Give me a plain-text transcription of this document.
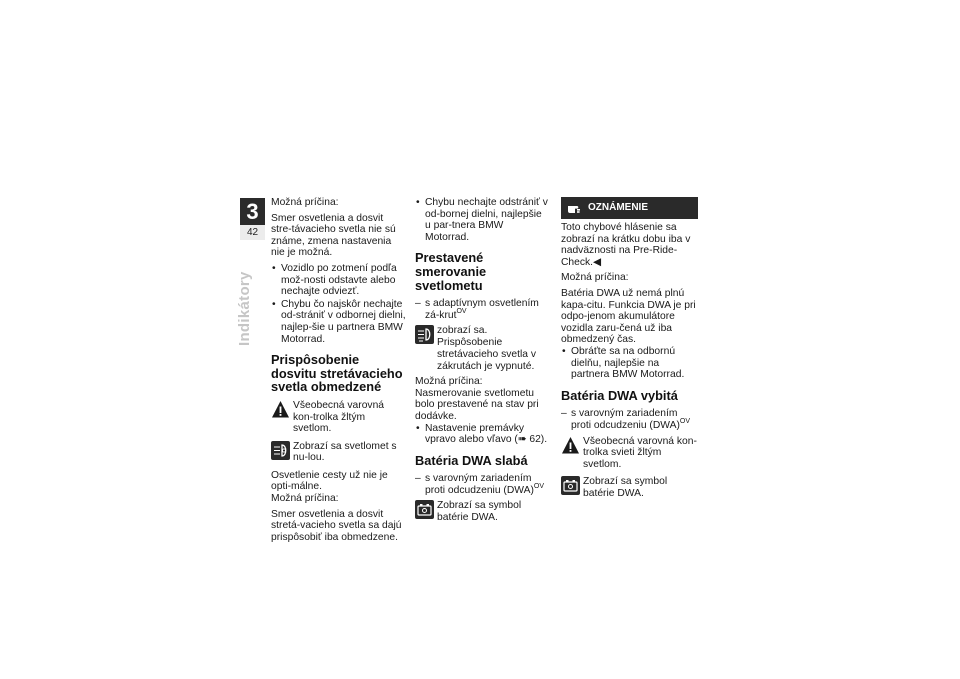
3
42
Indikátory

Možná príčina:

Smer osvetlenia a dosvit stre-távacieho svetla nie sú známe, zmena nastavenia nie je možná.

• Vozidlo po zotmení podľa mož-nosti odstavte alebo nechajte odviezť.
• Chybu čo najskôr nechajte od-strániť v odbornej dielni, najlep-šie u partnera BMW Motorrad.
Prispôsobenie dosvitu stretávacieho svetla obmedzené
Všeobecná varovná kon-trolka žltým svetlom.
Zobrazí sa svetlomet s nu-lou.

Osvetlenie cesty už nie je opti-málne.

Možná príčina:

Smer osvetlenia a dosvit stretá-vacieho svetla sa dajú prispôsobiť iba obmedzene.

• Chybu nechajte odstrániť v od-bornej dielni, najlepšie u par-tnera BMW Motorrad.
Prestavené smerovanie svetlometu
– s adaptívnym osvetlením zá-krut$^{OV}$
zobrazí sa.

Prispôsobenie stretávacieho svetla v zákrutách je vypnuté.

Možná príčina:

Nasmerovanie svetlometu bolo prestavené na stav pri dodávke.

• Nastavenie premávky vpravo alebo vľavo (➠ 62).
Batéria DWA slabá
– s varovným zariadením proti odcudzeniu (DWA)$^{OV}$
Zobrazí sa symbol batérie DWA.
OZNÁMENIE

Toto chybové hlásenie sa zobrazí na krátku dobu iba v nadväznosti na Pre-Ride-Check.◀

Možná príčina:

Batéria DWA už nemá plnú kapa-citu. Funkcia DWA je pri odpo-jenom akumulátore vozidla zaru-čená už iba obmedzený čas.

• Obráťte sa na odbornú dielňu, najlepšie na partnera BMW Motorrad.
Batéria DWA vybitá
– s varovným zariadením proti odcudzeniu (DWA)$^{OV}$
Všeobecná varovná kon-trolka svieti žltým svetlom.
Zobrazí sa symbol batérie DWA.
